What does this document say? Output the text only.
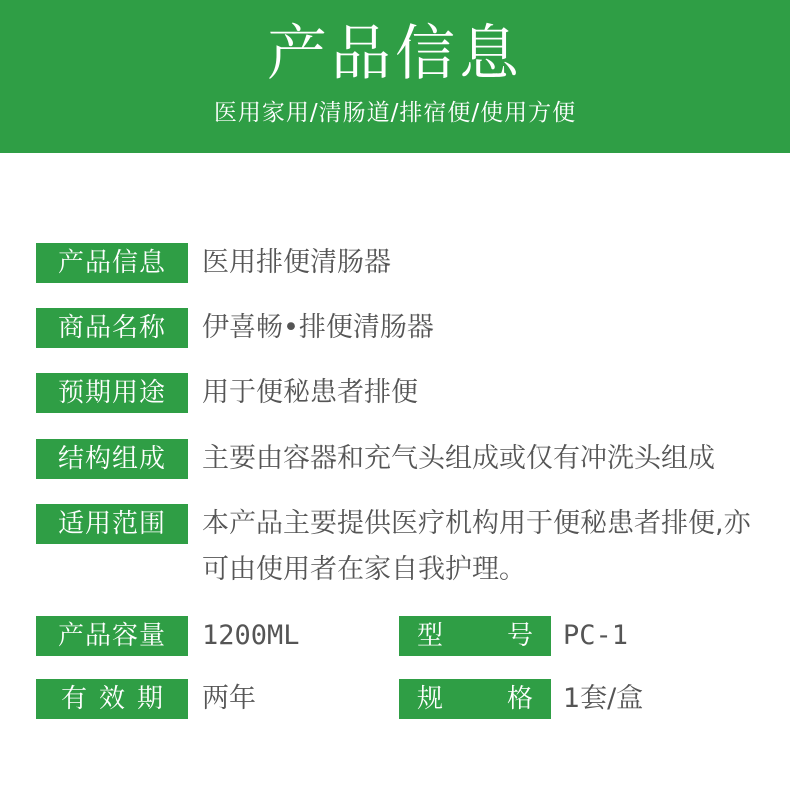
产品信息
医用家用/清肠道/排宿便/使用方便
产品信息	医用排便清肠器
商品名称	伊喜畅•排便清肠器
预期用途	用于便秘患者排便
结构组成	主要由容器和充气头组成或仅有冲洗头组成
适用范围	本产品主要提供医疗机构用于便秘患者排便,亦可由使用者在家自我护理。
产品容量	1200ML	型 号 PC-1
有效期	两年	规 格 1套/盒
